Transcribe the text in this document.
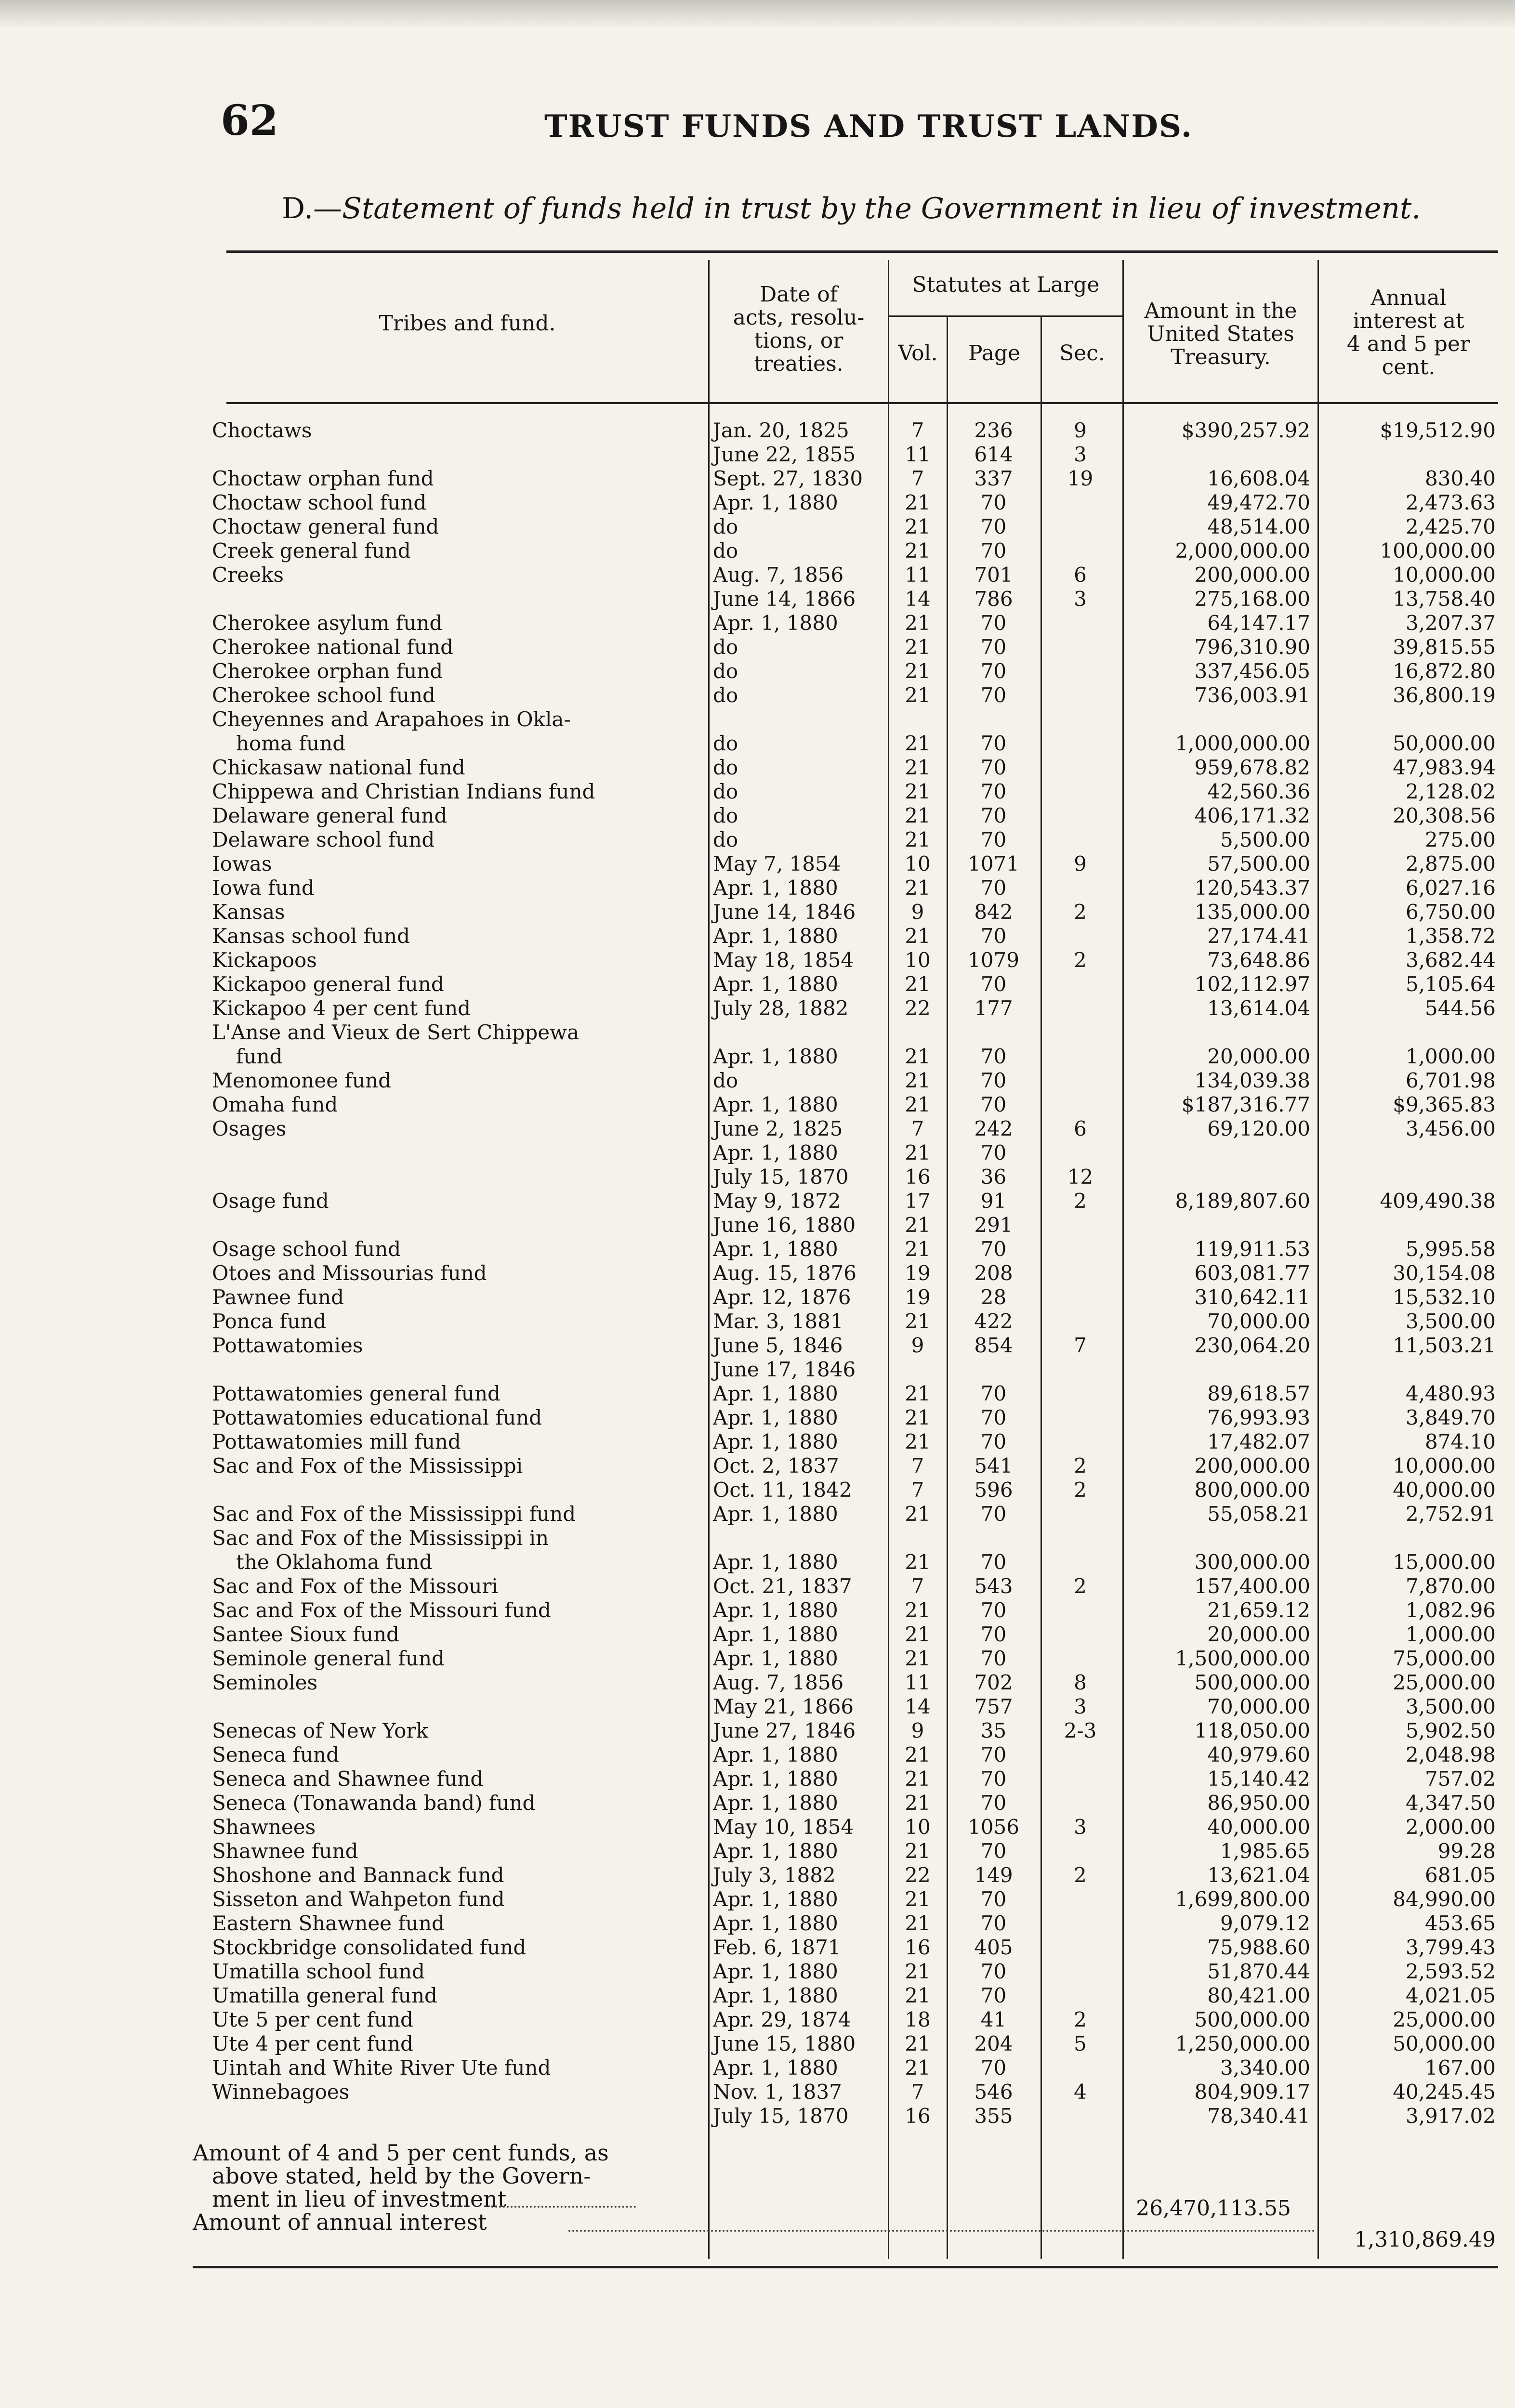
62	TRUST FUNDS AND TRUST LANDS.
D.—Statement of funds held in trust by the Government in lieu of investment.
Tribes and fund.
Date of
acts, resolu-
tions, or
treaties.
Statutes at Large
Vol.	Page	Sec.
Amount in the
United States
Treasury.
Annual
interest at
4 and 5 per
cent.
Choctaws	Jan. 20, 1825	7	236	9	$390,257.92	$19,512.90
June 22, 1855	11	614	3
Choctaw orphan fund	Sept. 27, 1830	7	337	19	16,608.04	830.40
Choctaw school fund	Apr. 1, 1880	21	70	49,472.70	2,473.63
Choctaw general fund	do	21	70	48,514.00	2,425.70
Creek general fund	do	21	70	2,000,000.00	100,000.00
Creeks	Aug. 7, 1856	11	701	6	200,000.00	10,000.00
June 14, 1866	14	786	3	275,168.00	13,758.40
Cherokee asylum fund	Apr. 1, 1880	21	70	64,147.17	3,207.37
Cherokee national fund	do	21	70	796,310.90	39,815.55
Cherokee orphan fund	do	21	70	337,456.05	16,872.80
Cherokee school fund	do	21	70	736,003.91	36,800.19
Cheyennes and Arapahoes in Okla-
homa fund	do	21	70	1,000,000.00	50,000.00
Chickasaw national fund	do	21	70	959,678.82	47,983.94
Chippewa and Christian Indians fund	do	21	70	42,560.36	2,128.02
Delaware general fund	do	21	70	406,171.32	20,308.56
Delaware school fund	do	21	70	5,500.00	275.00
Iowas	May 7, 1854	10	1071	9	57,500.00	2,875.00
Iowa fund	Apr. 1, 1880	21	70	120,543.37	6,027.16
Kansas	June 14, 1846	9	842	2	135,000.00	6,750.00
Kansas school fund	Apr. 1, 1880	21	70	27,174.41	1,358.72
Kickapoos	May 18, 1854	10	1079	2	73,648.86	3,682.44
Kickapoo general fund	Apr. 1, 1880	21	70	102,112.97	5,105.64
Kickapoo 4 per cent fund	July 28, 1882	22	177	13,614.04	544.56
L'Anse and Vieux de Sert Chippewa
fund	Apr. 1, 1880	21	70	20,000.00	1,000.00
Menomonee fund	do	21	70	134,039.38	6,701.98
Omaha fund	Apr. 1, 1880	21	70	$187,316.77	$9,365.83
Osages	June 2, 1825	7	242	6	69,120.00	3,456.00
Apr. 1, 1880	21	70
July 15, 1870	16	36	12
Osage fund	May 9, 1872	17	91	2	8,189,807.60	409,490.38
June 16, 1880	21	291
Osage school fund	Apr. 1, 1880	21	70	119,911.53	5,995.58
Otoes and Missourias fund	Aug. 15, 1876	19	208	603,081.77	30,154.08
Pawnee fund	Apr. 12, 1876	19	28	310,642.11	15,532.10
Ponca fund	Mar. 3, 1881	21	422	70,000.00	3,500.00
Pottawatomies	June 5, 1846	9	854	7	230,064.20	11,503.21
June 17, 1846
Pottawatomies general fund	Apr. 1, 1880	21	70	89,618.57	4,480.93
Pottawatomies educational fund	Apr. 1, 1880	21	70	76,993.93	3,849.70
Pottawatomies mill fund	Apr. 1, 1880	21	70	17,482.07	874.10
Sac and Fox of the Mississippi	Oct. 2, 1837	7	541	2	200,000.00	10,000.00
Oct. 11, 1842	7	596	2	800,000.00	40,000.00
Sac and Fox of the Mississippi fund	Apr. 1, 1880	21	70	55,058.21	2,752.91
Sac and Fox of the Mississippi in
the Oklahoma fund	Apr. 1, 1880	21	70	300,000.00	15,000.00
Sac and Fox of the Missouri	Oct. 21, 1837	7	543	2	157,400.00	7,870.00
Sac and Fox of the Missouri fund	Apr. 1, 1880	21	70	21,659.12	1,082.96
Santee Sioux fund	Apr. 1, 1880	21	70	20,000.00	1,000.00
Seminole general fund	Apr. 1, 1880	21	70	1,500,000.00	75,000.00
Seminoles	Aug. 7, 1856	11	702	8	500,000.00	25,000.00
May 21, 1866	14	757	3	70,000.00	3,500.00
Senecas of New York	June 27, 1846	9	35	2-3	118,050.00	5,902.50
Seneca fund	Apr. 1, 1880	21	70	40,979.60	2,048.98
Seneca and Shawnee fund	Apr. 1, 1880	21	70	15,140.42	757.02
Seneca (Tonawanda band) fund	Apr. 1, 1880	21	70	86,950.00	4,347.50
Shawnees	May 10, 1854	10	1056	3	40,000.00	2,000.00
Shawnee fund	Apr. 1, 1880	21	70	1,985.65	99.28
Shoshone and Bannack fund	July 3, 1882	22	149	2	13,621.04	681.05
Sisseton and Wahpeton fund	Apr. 1, 1880	21	70	1,699,800.00	84,990.00
Eastern Shawnee fund	Apr. 1, 1880	21	70	9,079.12	453.65
Stockbridge consolidated fund	Feb. 6, 1871	16	405	75,988.60	3,799.43
Umatilla school fund	Apr. 1, 1880	21	70	51,870.44	2,593.52
Umatilla general fund	Apr. 1, 1880	21	70	80,421.00	4,021.05
Ute 5 per cent fund	Apr. 29, 1874	18	41	2	500,000.00	25,000.00
Ute 4 per cent fund	June 15, 1880	21	204	5	1,250,000.00	50,000.00
Uintah and White River Ute fund	Apr. 1, 1880	21	70	3,340.00	167.00
Winnebagoes	Nov. 1, 1837	7	546	4	804,909.17	40,245.45
July 15, 1870	16	355	78,340.41	3,917.02
Amount of 4 and 5 per cent funds, as
above stated, held by the Govern-
ment in lieu of investment
Amount of annual interest
26,470,113.55
1,310,869.49
